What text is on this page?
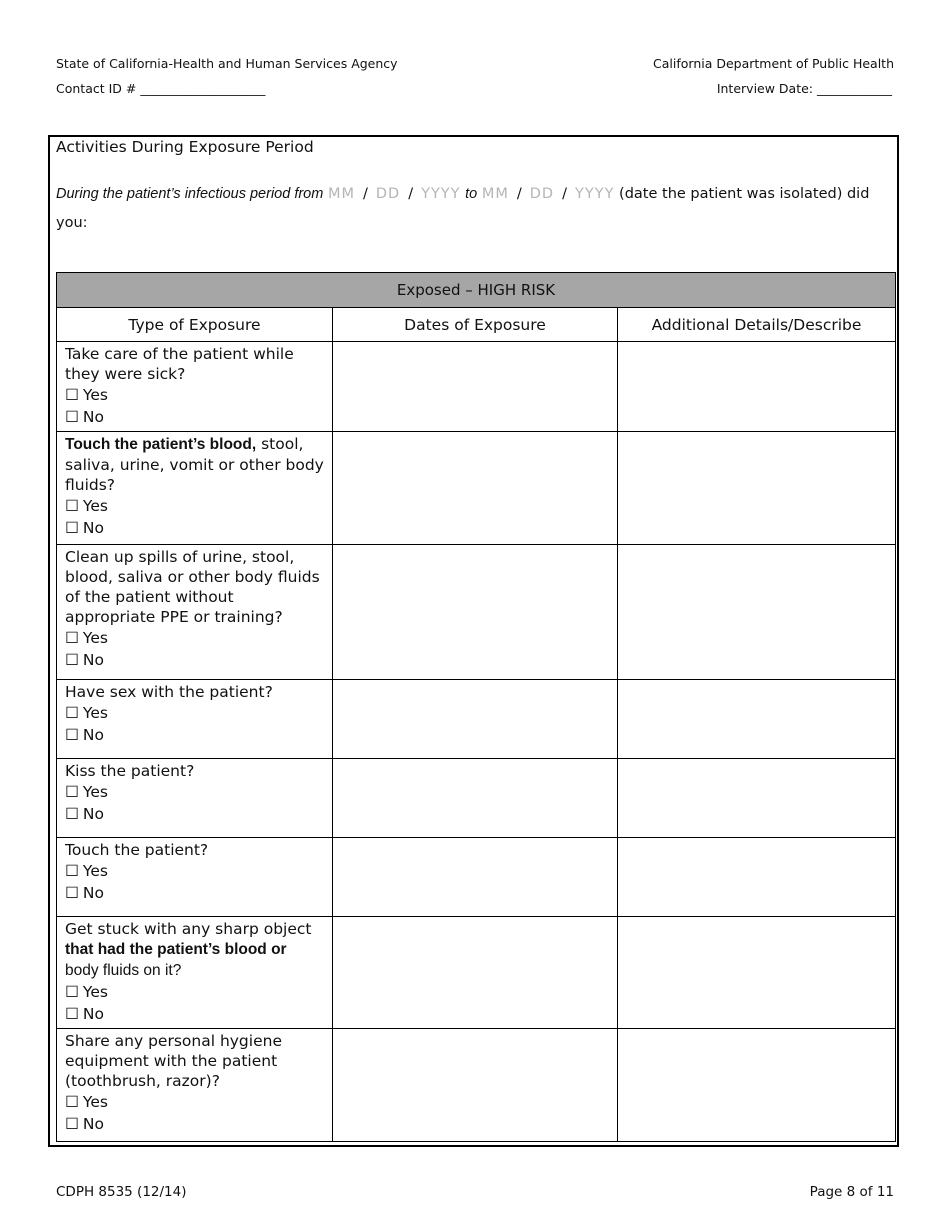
State of California-Health and Human Services Agency
Contact ID # ____________________
California Department of Public Health
Interview Date: ____________
Activities During Exposure Period
During the patient’s infectious period from MM / DD / YYYY to MM / DD / YYYY (date the patient was isolated) did you:
Exposed – HIGH RISK		
Type of Exposure	Dates of Exposure	Additional Details/Describe

Take care of the patient while they were sick?
☐ Yes
☐ No		

Touch the patient’s blood, stool, saliva, urine, vomit or other body fluids?
☐ Yes
☐ No		

Clean up spills of urine, stool, blood, saliva or other body fluids of the patient without appropriate PPE or training?
☐ Yes
☐ No		

Have sex with the patient?
☐ Yes
☐ No		

Kiss the patient?
☐ Yes
☐ No		

Touch the patient?
☐ Yes
☐ No		

Get stuck with any sharp object that had the patient’s blood or body fluids on it?
☐ Yes
☐ No		

Share any personal hygiene equipment with the patient (toothbrush, razor)?
☐ Yes
☐ No		

CDPH 8535 (12/14)	Page 8 of 11
